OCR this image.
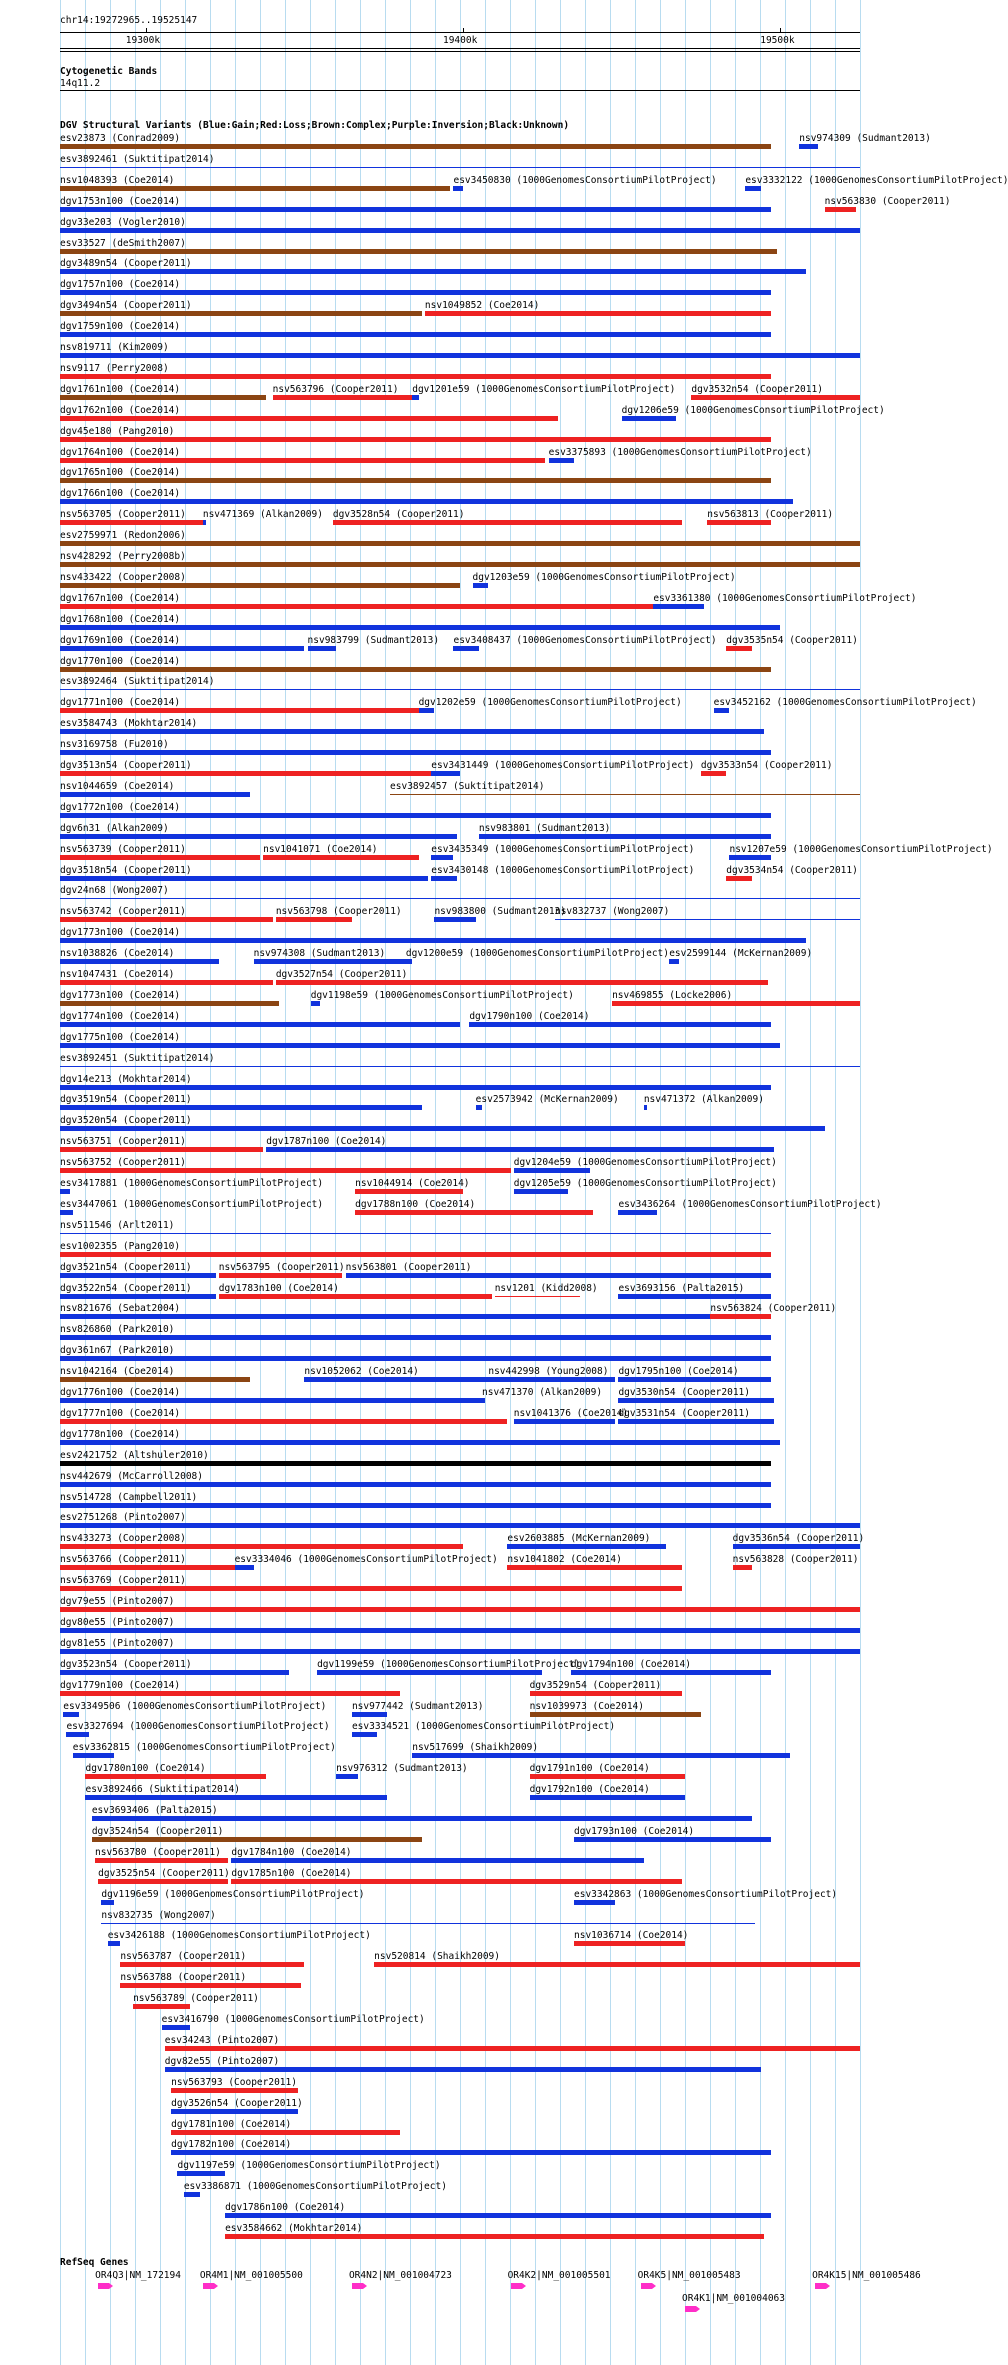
chr14:19272965..19525147
19300k	19400k	19500k
Cytogenetic Bands
14q11.2
DGV Structural Variants (Blue:Gain;Red:Loss;Brown:Complex;Purple:Inversion;Black:Unknown)
esv23873 (Conrad2009)	nsv974309 (Sudmant2013)
esv3892461 (Suktitipat2014)
nsv1048393 (Coe2014)	esv3450830 (1000GenomesConsortiumPilotProject)	esv3332122 (1000GenomesConsortiumPilotProject)
dgv1753n100 (Coe2014)	nsv563830 (Cooper2011)
dgv33e203 (Vogler2010)
esv33527 (deSmith2007)
dgv3489n54 (Cooper2011)
dgv1757n100 (Coe2014)
dgv3494n54 (Cooper2011)	nsv1049852 (Coe2014)
dgv1759n100 (Coe2014)
nsv819711 (Kim2009)
nsv9117 (Perry2008)
dgv1761n100 (Coe2014)	nsv563796 (Cooper2011) dgv1201e59 (1000GenomesConsortiumPilotProject) dgv3532n54 (Cooper2011)
dgv1762n100 (Coe2014)	dgv1206e59 (1000GenomesConsortiumPilotProject)
dgv45e180 (Pang2010)
dgv1764n100 (Coe2014)	esv3375893 (1000GenomesConsortiumPilotProject)
dgv1765n100 (Coe2014)
dgv1766n100 (Coe2014)
nsv563705 (Cooper2011) nsv471369 (Alkan2009) dgv3528n54 (Cooper2011)	nsv563813 (Cooper2011)
esv2759971 (Redon2006)
nsv428292 (Perry2008b)
nsv433422 (Cooper2008)	dgv1203e59 (1000GenomesConsortiumPilotProject)
dgv1767n100 (Coe2014)	esv3361380 (1000GenomesConsortiumPilotProject)
dgv1768n100 (Coe2014)
dgv1769n100 (Coe2014)	nsv983799 (Sudmant2013) esv3408437 (1000GenomesConsortiumPilotProject) dgv3535n54 (Cooper2011)
dgv1770n100 (Coe2014)
esv3892464 (Suktitipat2014)
dgv1771n100 (Coe2014)	dgv1202e59 (1000GenomesConsortiumPilotProject)	esv3452162 (1000GenomesConsortiumPilotProject)
esv3584743 (Mokhtar2014)
nsv3169758 (Fu2010)
dgv3513n54 (Cooper2011)	esv3431449 (1000GenomesConsortiumPilotProject) dgv3533n54 (Cooper2011)
nsv1044659 (Coe2014)	esv3892457 (Suktitipat2014)
dgv1772n100 (Coe2014)
dgv6n31 (Alkan2009)	nsv983801 (Sudmant2013)
nsv563739 (Cooper2011)	nsv1041071 (Coe2014)	esv3435349 (1000GenomesConsortiumPilotProject)	nsv1207e59 (1000GenomesConsortiumPilotProject)
dgv3518n54 (Cooper2011)	esv3430148 (1000GenomesConsortiumPilotProject)	dgv3534n54 (Cooper2011)
dgv24n68 (Wong2007)
nsv563742 (Cooper2011)	nsv563798 (Cooper2011)	nsv983800 (Sudmant2013)
nsv832737 (Wong2007)
dgv1773n100 (Coe2014)
nsv1038826 (Coe2014)	nsv974308 (Sudmant2013) dgv1200e59 (1000GenomesConsortiumPilotProject) esv2599144 (McKernan2009)
nsv1047431 (Coe2014)	dgv3527n54 (Cooper2011)
dgv1773n100 (Coe2014)	dgv1198e59 (1000GenomesConsortiumPilotProject)	nsv469855 (Locke2006)
dgv1774n100 (Coe2014)	dgv1790n100 (Coe2014)
dgv1775n100 (Coe2014)
esv3892451 (Suktitipat2014)
dgv14e213 (Mokhtar2014)
dgv3519n54 (Cooper2011)	esv2573942 (McKernan2009)	nsv471372 (Alkan2009)
dgv3520n54 (Cooper2011)
nsv563751 (Cooper2011)	dgv1787n100 (Coe2014)
nsv563752 (Cooper2011)	dgv1204e59 (1000GenomesConsortiumPilotProject)
esv3417881 (1000GenomesConsortiumPilotProject)	nsv1044914 (Coe2014)	dgv1205e59 (1000GenomesConsortiumPilotProject)
esv3447061 (1000GenomesConsortiumPilotProject)	dgv1788n100 (Coe2014)	esv3436264 (1000GenomesConsortiumPilotProject)
nsv511546 (Arlt2011)
esv1002355 (Pang2010)
dgv3521n54 (Cooper2011)	nsv563795 (Cooper2011) nsv563801 (Cooper2011)
dgv3522n54 (Cooper2011)	dgv1783n100 (Coe2014)	nsv1201 (Kidd2008) esv3693156 (Palta2015)
nsv821676 (Sebat2004)	nsv563824 (Cooper2011)
nsv826860 (Park2010)
dgv361n67 (Park2010)
nsv1042164 (Coe2014)	nsv1052062 (Coe2014)	nsv442998 (Young2008) dgv1795n100 (Coe2014)
dgv1776n100 (Coe2014)	nsv471370 (Alkan2009) dgv3530n54 (Cooper2011)
dgv1777n100 (Coe2014)	nsv1041376 (Coe2014)
dgv3531n54 (Cooper2011)
dgv1778n100 (Coe2014)
esv2421752 (Altshuler2010)
nsv442679 (McCarroll2008)
nsv514728 (Campbell2011)
esv2751268 (Pinto2007)
nsv433273 (Cooper2008)	esv2603885 (McKernan2009)	dgv3536n54 (Cooper2011)
nsv563766 (Cooper2011)	esv3334046 (1000GenomesConsortiumPilotProject) nsv1041802 (Coe2014)	nsv563828 (Cooper2011)
nsv563769 (Cooper2011)
dgv79e55 (Pinto2007)
dgv80e55 (Pinto2007)
dgv81e55 (Pinto2007)
dgv3523n54 (Cooper2011)	dgv1199e59 (1000GenomesConsortiumPilotProject)
dgv1794n100 (Coe2014)
dgv1779n100 (Coe2014)	dgv3529n54 (Cooper2011)
esv3349506 (1000GenomesConsortiumPilotProject)	nsv977442 (Sudmant2013)	nsv1039973 (Coe2014)
esv3327694 (1000GenomesConsortiumPilotProject) esv3334521 (1000GenomesConsortiumPilotProject)
esv3362815 (1000GenomesConsortiumPilotProject)	nsv517699 (Shaikh2009)
dgv1780n100 (Coe2014)	nsv976312 (Sudmant2013)	dgv1791n100 (Coe2014)
esv3892466 (Suktitipat2014)	dgv1792n100 (Coe2014)
esv3693406 (Palta2015)
dgv3524n54 (Cooper2011)	dgv1793n100 (Coe2014)
nsv563780 (Cooper2011) dgv1784n100 (Coe2014)
dgv3525n54 (Cooper2011) dgv1785n100 (Coe2014)
dgv1196e59 (1000GenomesConsortiumPilotProject)	esv3342863 (1000GenomesConsortiumPilotProject)
nsv832735 (Wong2007)
esv3426188 (1000GenomesConsortiumPilotProject)	nsv1036714 (Coe2014)
nsv563787 (Cooper2011)	nsv520814 (Shaikh2009)
nsv563788 (Cooper2011)
nsv563789 (Cooper2011)
esv3416790 (1000GenomesConsortiumPilotProject)
esv34243 (Pinto2007)
dgv82e55 (Pinto2007)
nsv563793 (Cooper2011)
dgv3526n54 (Cooper2011)
dgv1781n100 (Coe2014)
dgv1782n100 (Coe2014)
dgv1197e59 (1000GenomesConsortiumPilotProject)
esv3386871 (1000GenomesConsortiumPilotProject)
dgv1786n100 (Coe2014)
esv3584662 (Mokhtar2014)
RefSeq Genes
OR4Q3|NM_172194 OR4M1|NM_001005500	OR4N2|NM_001004723	OR4K2|NM_001005501	OR4K5|NM_001005483	OR4K15|NM_001005486
OR4K1|NM_001004063
